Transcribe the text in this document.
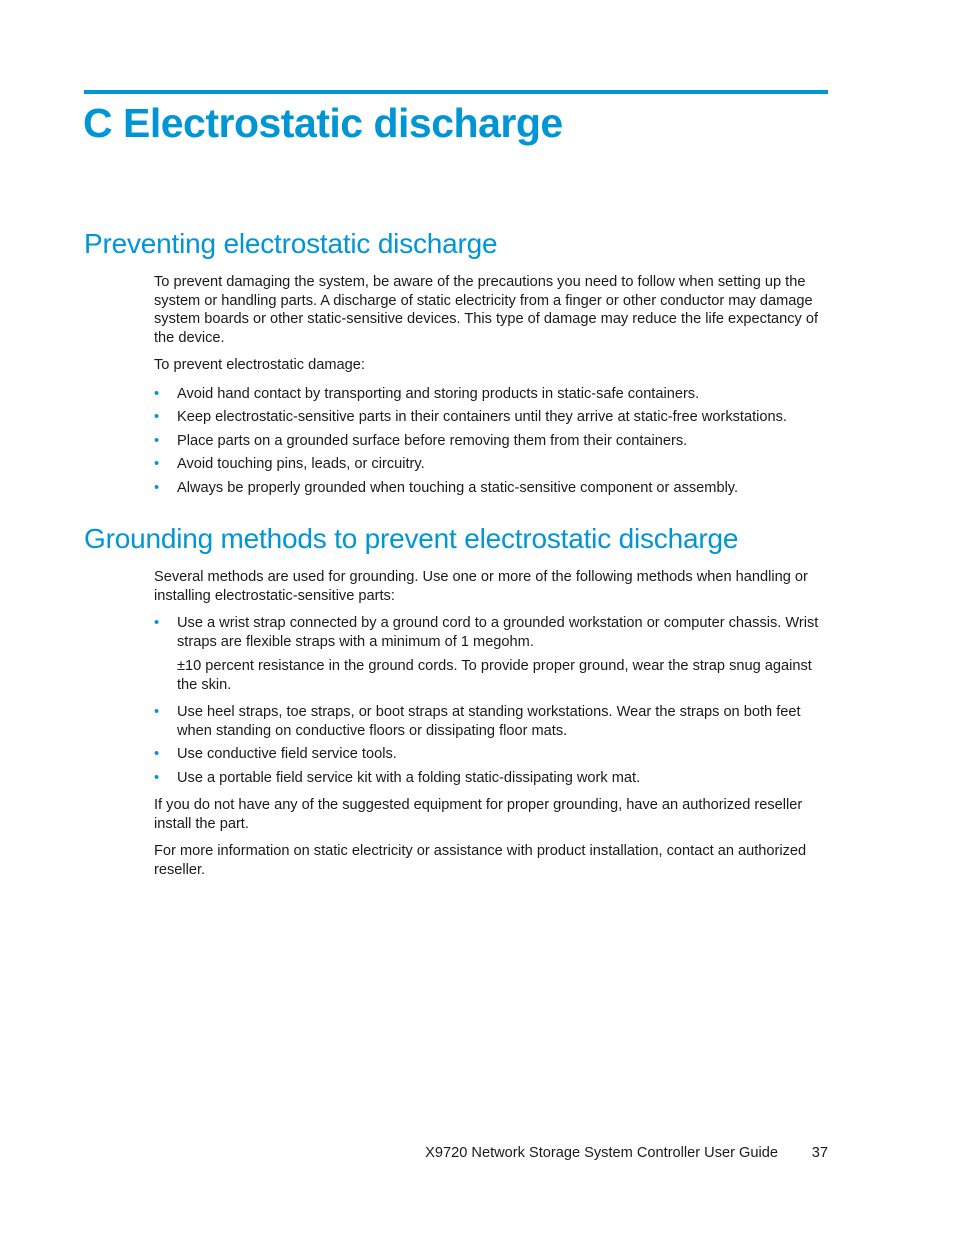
C Electrostatic discharge
Preventing electrostatic discharge

To prevent damaging the system, be aware of the precautions you need to follow when setting up the system or handling parts. A discharge of static electricity from a finger or other conductor may damage system boards or other static-sensitive devices. This type of damage may reduce the life expectancy of the device.

To prevent electrostatic damage:

• Avoid hand contact by transporting and storing products in static-safe containers.
• Keep electrostatic-sensitive parts in their containers until they arrive at static-free workstations.
• Place parts on a grounded surface before removing them from their containers.
• Avoid touching pins, leads, or circuitry.
• Always be properly grounded when touching a static-sensitive component or assembly.
Grounding methods to prevent electrostatic discharge

Several methods are used for grounding. Use one or more of the following methods when handling or installing electrostatic-sensitive parts:

• Use a wrist strap connected by a ground cord to a grounded workstation or computer chassis. Wrist straps are flexible straps with a minimum of 1 megohm.

±10 percent resistance in the ground cords. To provide proper ground, wear the strap snug against the skin.

• Use heel straps, toe straps, or boot straps at standing workstations. Wear the straps on both feet when standing on conductive floors or dissipating floor mats.
• Use conductive field service tools.
• Use a portable field service kit with a folding static-dissipating work mat.

If you do not have any of the suggested equipment for proper grounding, have an authorized reseller install the part.

For more information on static electricity or assistance with product installation, contact an authorized reseller.

X9720 Network Storage System Controller User Guide 37
